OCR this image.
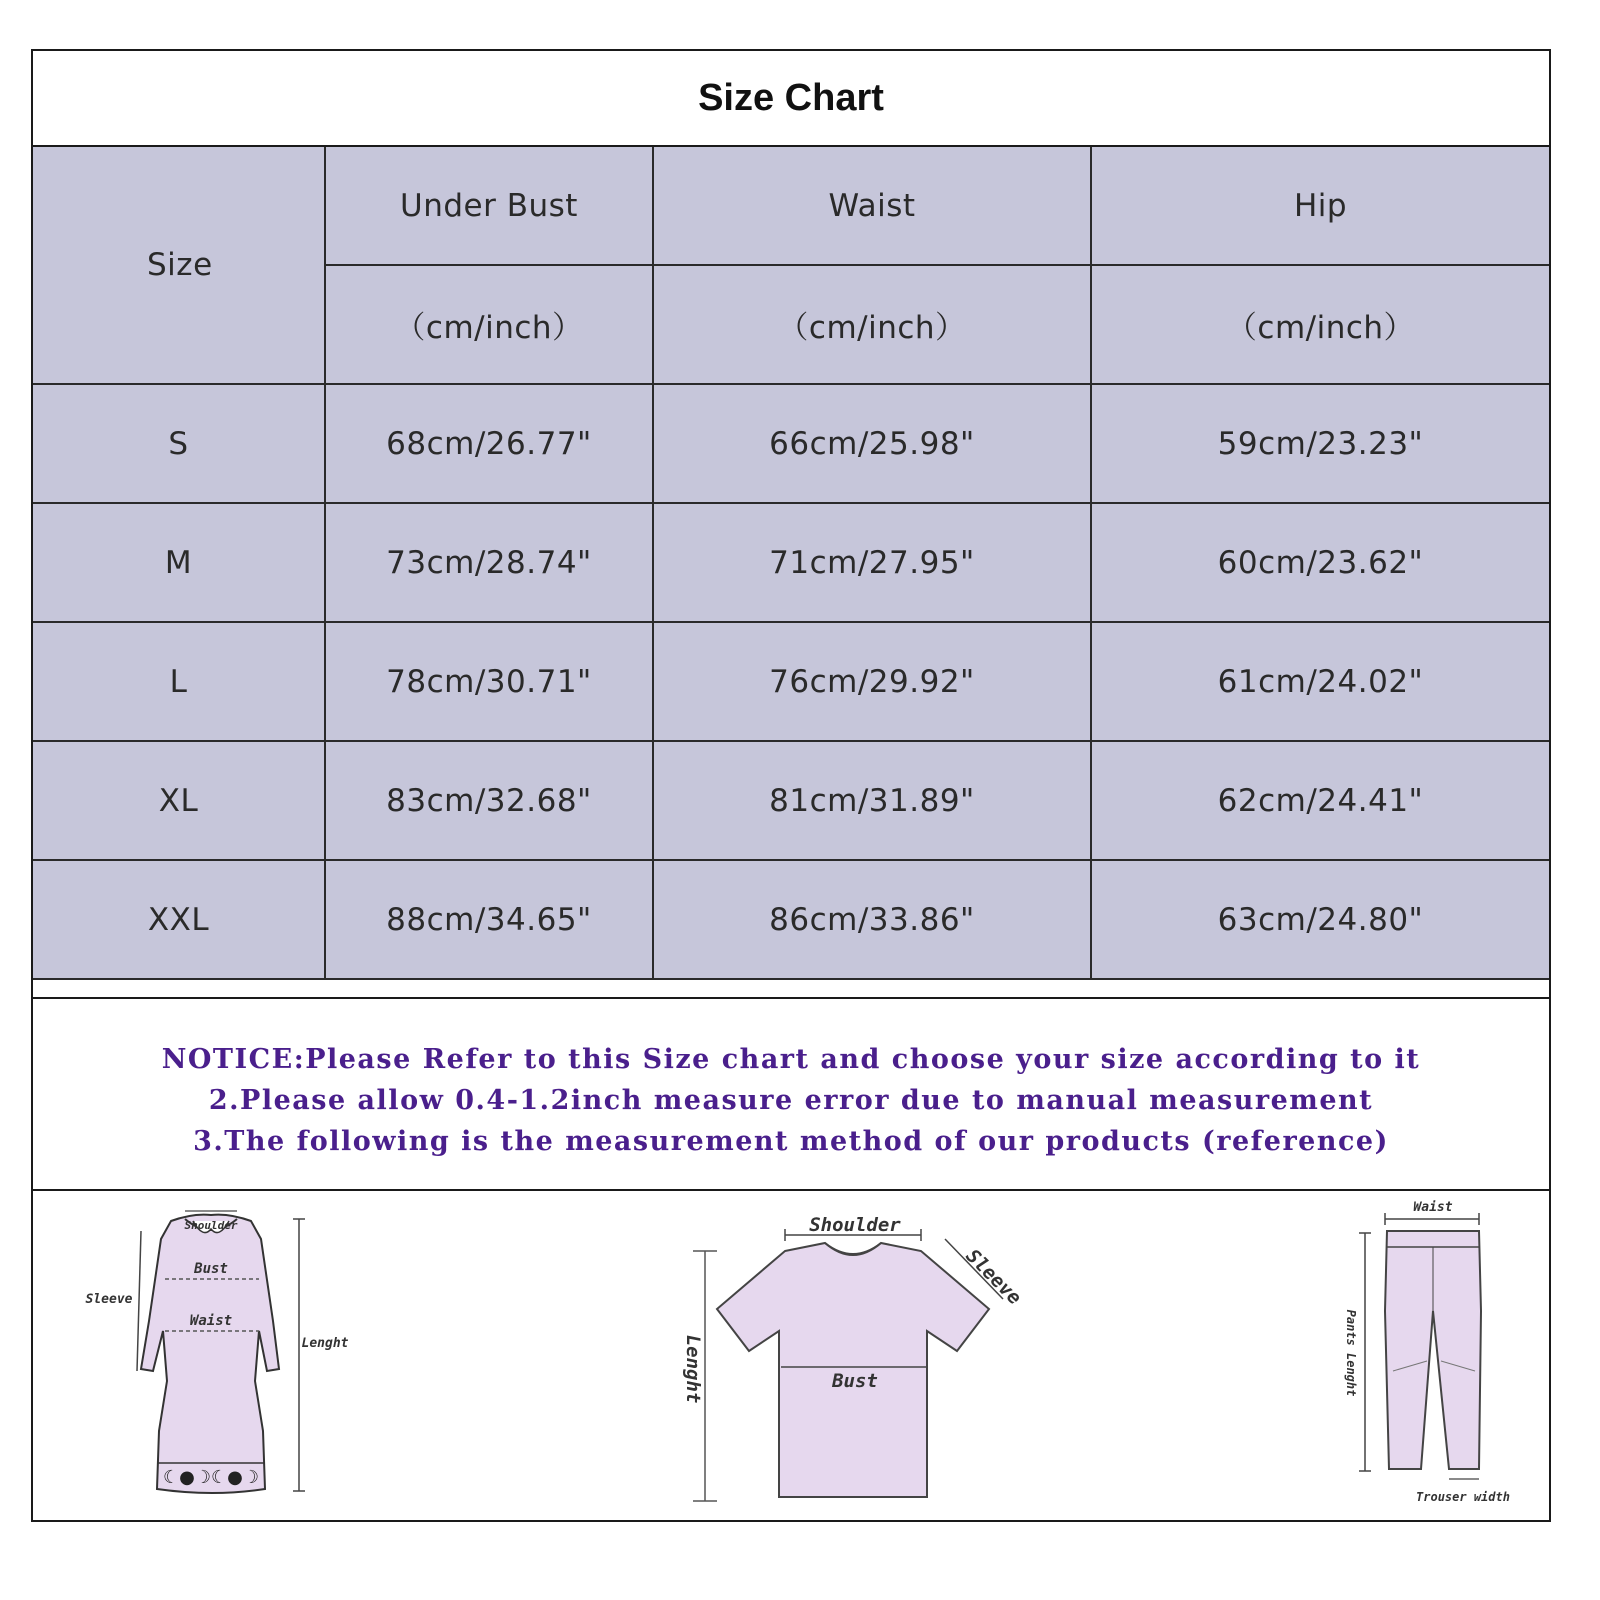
Size Chart
Size	Under Bust	Waist	Hip
	（cm/inch）	（cm/inch）	（cm/inch）
S	68cm/26.77"	66cm/25.98"	59cm/23.23"
M	73cm/28.74"	71cm/27.95"	60cm/23.62"
L	78cm/30.71"	76cm/29.92"	61cm/24.02"
XL	83cm/32.68"	81cm/31.89"	62cm/24.41"
XXL	88cm/34.65"	86cm/33.86"	63cm/24.80"
NOTICE:Please Refer to this Size chart and choose your size according to it
2.Please allow 0.4-1.2inch measure error due to manual measurement
3.The following is the measurement method of our products (reference)
☾●☽☾●☽
Shoulder
Bust
Waist
Sleeve
Lenght
Shoulder
Sleeve
Lenght	Bust
Waist
Pants Lenght
Trouser width
